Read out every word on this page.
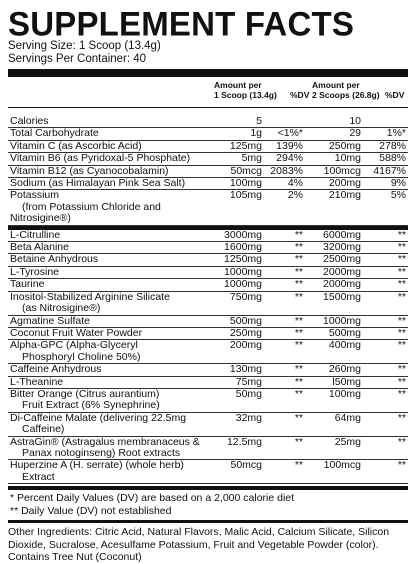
SUPPLEMENT FACTS
Serving Size: 1 Scoop (13.4g)
Servings Per Container: 40
Amount per
1 Scoop (13.4g) %DV
Amount per
2 Scoops (26.8g) %DV
Calories	5	10
Total Carbohydrate	1g <1%*	29 1%*
Vitamin C (as Ascorbic Acid)	125mg 139% 250mg 278%
Vitamin B6 (as Pyridoxal-5 Phosphate)	5mg 294%	10mg 588%
Vitamin B12 (as Cyanocobalamin)	50mcg 2083% 100mcg 4167%
Sodium (as Himalayan Pink Sea Salt)	100mg 4% 200mg	9%
Potassium
(from Potassium Chloride and Nitrosigine®)
105mg 2% 210mg	5%
L-Citrulline	3000mg	** 6000mg	**
Beta Alanine	1600mg	** 3200mg	**
Betaine Anhydrous	1250mg	** 2500mg	**
L-Tyrosine	1000mg	** 2000mg	**
Taurine	1000mg	** 2000mg	**
Inositol-Stabilized Arginine Silicate
(as Nitrosigine®)
750mg	** 1500mg	**
Agmatine Sulfate	500mg	** 1000mg	**
Coconut Fruit Water Powder	250mg	** 500mg	**
Alpha-GPC (Alpha-Glyceryl
Phosphoryl Choline 50%)
200mg	** 400mg	**
Caffeine Anhydrous	130mg	** 260mg	**
L-Theanine	75mg	**	l50mg	**
Bitter Orange (Citrus aurantium)
Fruit Extract (6% Synephrine)
50mg	** 100mg	**
Di-Caffeine Malate (delivering 22.5mg
Caffeine)
32mg	**	64mg	**
AstraGin® (Astragalus membranaceus &
Panax notoginseng) Root extracts
12.5mg	**	25mg	**
Huperzine A (H. serrate) (whole herb)
Extract
50mcg	** 100mcg	**
* Percent Daily Values (DV) are based on a 2,000 calorie diet
** Daily Value (DV) not established
Other Ingredients: Citric Acid, Natural Flavors, Malic Acid, Calcium Silicate, Silicon Dioxide, Sucralose, Acesulfame Potassium, Fruit and Vegetable Powder (color). Contains Tree Nut (Coconut)
